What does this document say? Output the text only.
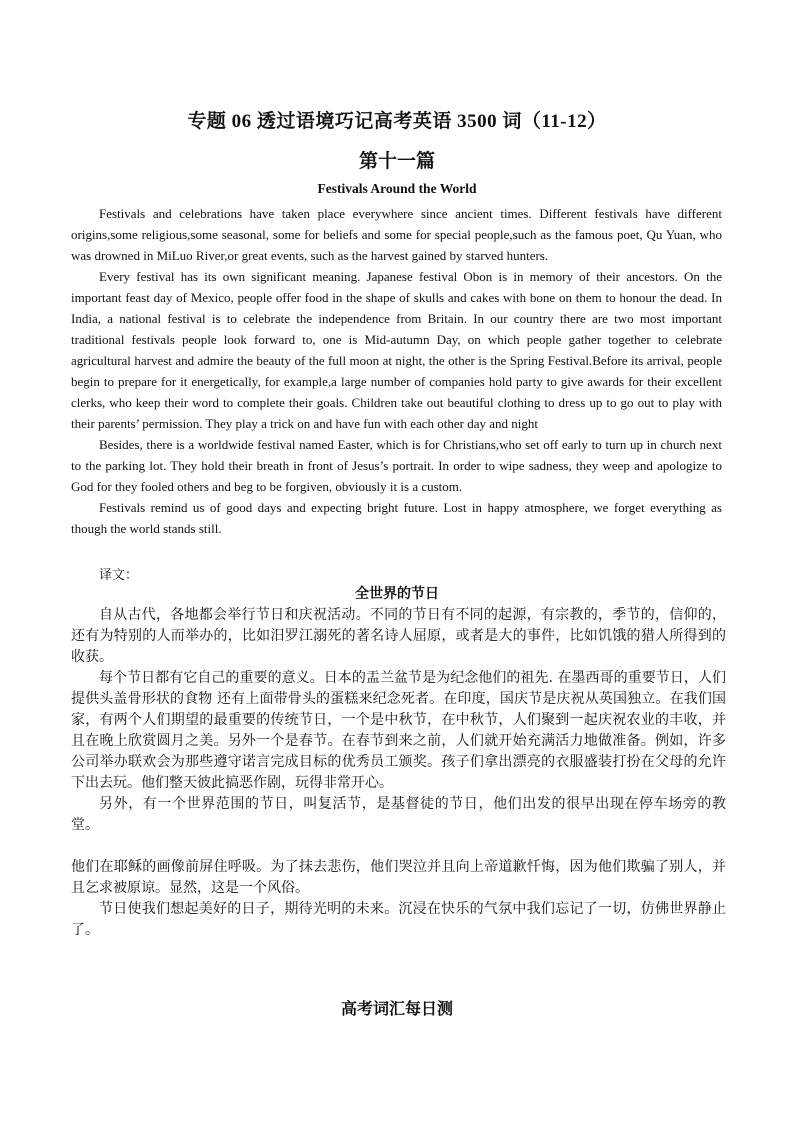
专题 06 透过语境巧记高考英语 3500 词（11-12）
第十一篇
Festivals Around the World

Festivals and celebrations have taken place everywhere since ancient times. Different festivals have different origins,some religious,some seasonal, some for beliefs and some for special people,such as the famous poet, Qu Yuan, who was drowned in MiLuo River,or great events, such as the harvest gained by starved hunters.

Every festival has its own significant meaning. Japanese festival Obon is in memory of their ancestors. On the important feast day of Mexico, people offer food in the shape of skulls and cakes with bone on them to honour the dead. In India, a national festival is to celebrate the independence from Britain. In our country there are two most important traditional festivals people look forward to, one is Mid-autumn Day, on which people gather together to celebrate agricultural harvest and admire the beauty of the full moon at night, the other is the Spring Festival.Before its arrival, people begin to prepare for it energetically, for example,a large number of companies hold party to give awards for their excellent clerks, who keep their word to complete their goals. Children take out beautiful clothing to dress up to go out to play with their parents’ permission. They play a trick on and have fun with each other day and night

Besides, there is a worldwide festival named Easter, which is for Christians,who set off early to turn up in church next to the parking lot. They hold their breath in front of Jesus’s portrait. In order to wipe sadness, they weep and apologize to God for they fooled others and beg to be forgiven, obviously it is a custom.

Festivals remind us of good days and expecting bright future. Lost in happy atmosphere, we forget everything as though the world stands still.

译文：
全世界的节日

自从古代，各地都会举行节日和庆祝活动。不同的节日有不同的起源，有宗教的，季节的，信仰的，还有为特别的人而举办的，比如汨罗江溺死的著名诗人屈原，或者是大的事件，比如饥饿的猎人所得到的收获。

每个节日都有它自己的重要的意义。日本的盂兰盆节是为纪念他们的祖先. 在墨西哥的重要节日，人们提供头盖骨形状的食物 还有上面带骨头的蛋糕来纪念死者。在印度，国庆节是庆祝从英国独立。在我们国家，有两个人们期望的最重要的传统节日，一个是中秋节，在中秋节，人们聚到一起庆祝农业的丰收，并且在晚上欣赏圆月之美。另外一个是春节。在春节到来之前，人们就开始充满活力地做准备。例如，许多公司举办联欢会为那些遵守诺言完成目标的优秀员工颁奖。孩子们拿出漂亮的衣服盛装打扮在父母的允许下出去玩。他们整天彼此搞恶作剧，玩得非常开心。

另外，有一个世界范围的节日，叫复活节，是基督徒的节日，他们出发的很早出现在停车场旁的教堂。

他们在耶稣的画像前屏住呼吸。为了抹去悲伤，他们哭泣并且向上帝道歉忏悔，因为他们欺骗了别人，并且乞求被原谅。显然，这是一个风俗。

节日使我们想起美好的日子，期待光明的未来。沉浸在快乐的气氛中我们忘记了一切，仿佛世界静止了。

高考词汇每日测
